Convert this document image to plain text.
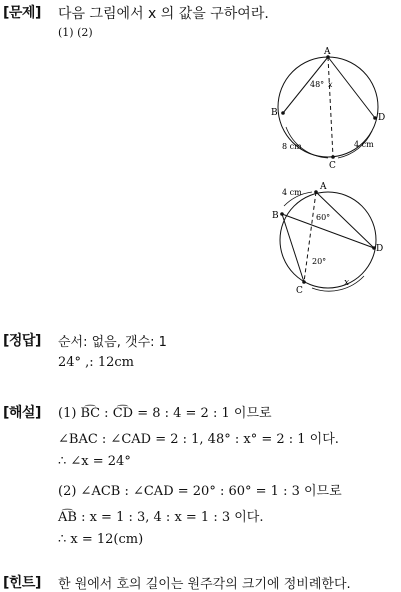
[문제] 다음 그림에서 x 의 값을 구하여라.
(1) (2)
A
B
C
D
48° x
8 cm	4 cm
A
B
C
D
4 cm
60°
20°
x
[정답] 순서: 없음, 갯수: 1
24° ,: 12cm
[해설] (1) B͡C : C͡D = 8 : 4 = 2 : 1 이므로
∠BAC : ∠CAD = 2 : 1, 48° : x° = 2 : 1 이다.
∴ ∠x = 24°
(2) ∠ACB : ∠CAD = 20° : 60° = 1 : 3 이므로
A͡B : x = 1 : 3, 4 : x = 1 : 3 이다.
∴ x = 12(cm)
[힌트] 한 원에서 호의 길이는 원주각의 크기에 정비례한다.
